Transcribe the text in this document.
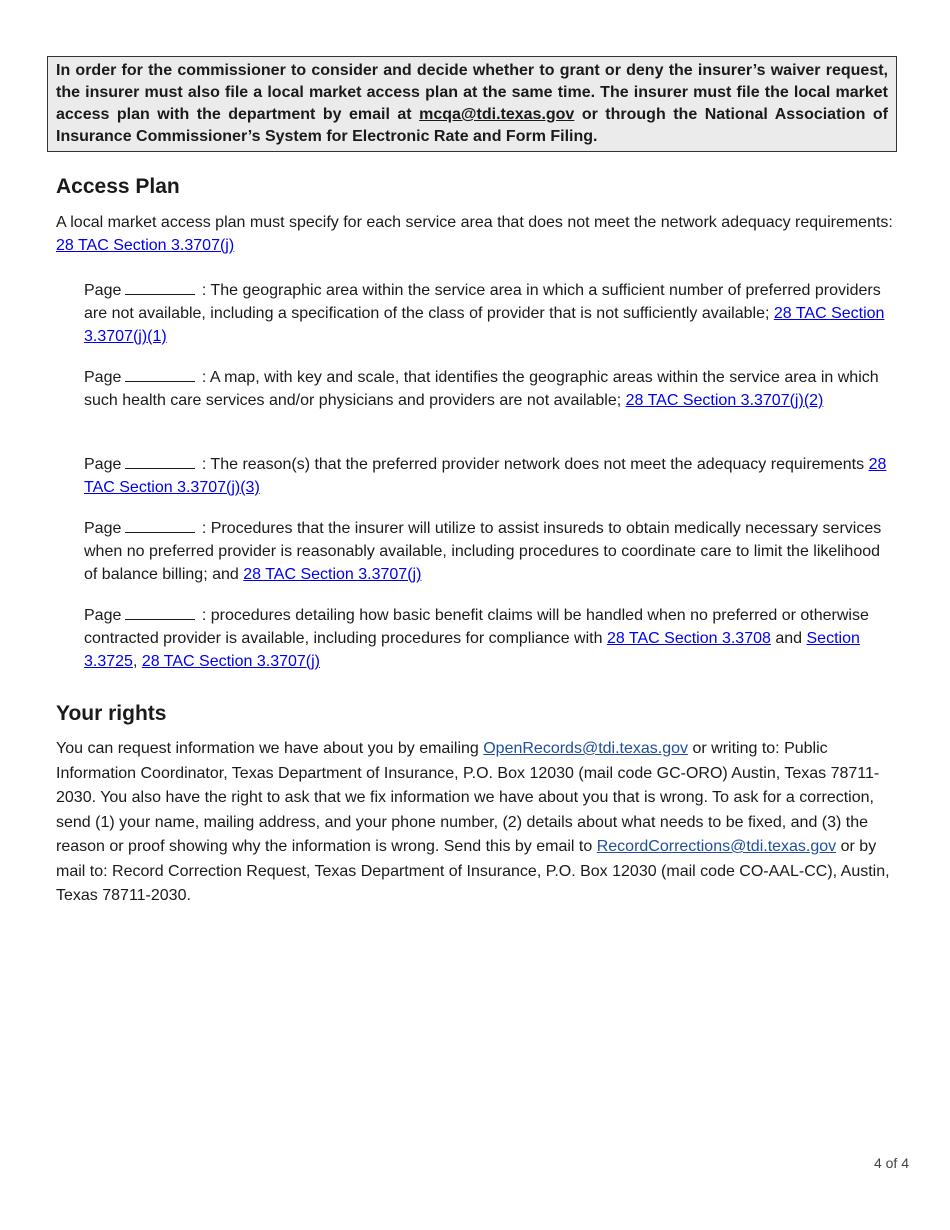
In order for the commissioner to consider and decide whether to grant or deny the insurer’s waiver request, the insurer must also file a local market access plan at the same time. The insurer must file the local market access plan with the department by email at mcqa@tdi.texas.gov or through the National Association of Insurance Commissioner’s System for Electronic Rate and Form Filing.
Access Plan

A local market access plan must specify for each service area that does not meet the network adequacy requirements: 28 TAC Section 3.3707(j)

Page	: The geographic area within the service area in which a sufficient number of preferred providers are not available, including a specification of the class of provider that is not sufficiently available; 28 TAC Section 3.3707(j)(1)

Page	: A map, with key and scale, that identifies the geographic areas within the service area in which such health care services and/or physicians and providers are not available; 28 TAC Section 3.3707(j)(2)

Page	: The reason(s) that the preferred provider network does not meet the adequacy requirements 28 TAC Section 3.3707(j)(3)

Page	: Procedures that the insurer will utilize to assist insureds to obtain medically necessary services when no preferred provider is reasonably available, including procedures to coordinate care to limit the likelihood of balance billing; and 28 TAC Section 3.3707(j)

Page	: procedures detailing how basic benefit claims will be handled when no preferred or otherwise contracted provider is available, including procedures for compliance with 28 TAC Section 3.3708 and Section 3.3725, 28 TAC Section 3.3707(j)

Your rights

You can request information we have about you by emailing OpenRecords@tdi.texas.gov or writing to: Public Information Coordinator, Texas Department of Insurance, P.O. Box 12030 (mail code GC-ORO) Austin, Texas 78711-2030. You also have the right to ask that we fix information we have about you that is wrong. To ask for a correction, send (1) your name, mailing address, and your phone number, (2) details about what needs to be fixed, and (3) the reason or proof showing why the information is wrong. Send this by email to RecordCorrections@tdi.texas.gov or by mail to: Record Correction Request, Texas Department of Insurance, P.O. Box 12030 (mail code CO-AAL-CC), Austin, Texas 78711-2030.

4 of 4
